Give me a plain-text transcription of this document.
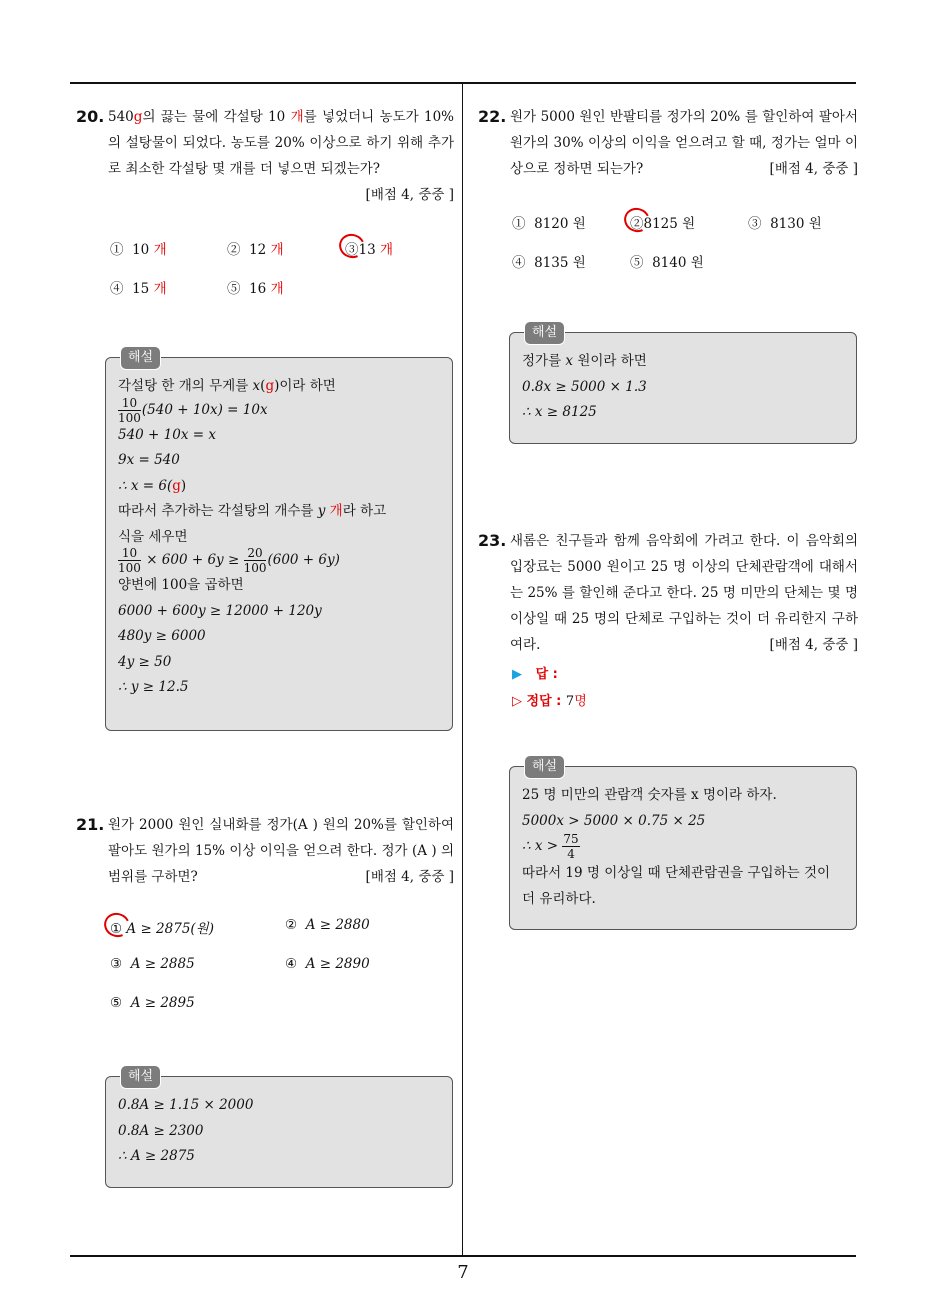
20. 540g의 끓는 물에 각설탕 10 개를 넣었더니 농도가 10%의 설탕물이 되었다. 농도를 20% 이상으로 하기 위해 추가로 최소한 각설탕 몇 개를 더 넣으면 되겠는가?
[배점 4, 중중 ]
① 10 개	② 12 개	③13 개
④ 15 개	⑤ 16 개
해설
각설탕 한 개의 무게를 x(g)이라 하면
$\frac{10}{100} (540 + 10x) = 10x$
540 + 10x = x
9x = 540
∴ x = 6(g)
따라서 추가하는 각설탕의 개수를 y 개라 하고
식을 세우면
$\frac{10}{100} \times 600 + 6y \ge \frac{20}{100} (600 + 6y)$
양변에 100을 곱하면
6000 + 600y ≥ 12000 + 120y
480y ≥ 6000
4y ≥ 50
∴ y ≥ 12.5
21. 원가 2000 원인 실내화를 정가(A ) 원의 20%를 할인하여 팔아도 원가의 15% 이상 이익을 얻으려 한다. 정가 (A ) 의 범위를 구하면?	[배점 4, 중중 ]
① A ≥ 2875(원)	② A ≥ 2880
③ A ≥ 2885	④ A ≥ 2890
⑤ A ≥ 2895
해설
0.8A ≥ 1.15 × 2000
0.8A ≥ 2300
∴ A ≥ 2875
22. 원가 5000 원인 반팔티를 정가의 20% 를 할인하여 팔아서 원가의 30% 이상의 이익을 얻으려고 할 때, 정가는 얼마 이상으로 정하면 되는가?	[배점 4, 중중 ]
① 8120 원	②8125 원	③ 8130 원
④ 8135 원	⑤ 8140 원
해설
정가를 x 원이라 하면
0.8x ≥ 5000 × 1.3
∴ x ≥ 8125
23. 새롬은 친구들과 함께 음악회에 가려고 한다. 이 음악회의 입장료는 5000 원이고 25 명 이상의 단체관람객에 대해서는 25% 를 할인해 준다고 한다. 25 명 미만의 단체는 몇 명 이상일 때 25 명의 단체로 구입하는 것이 더 유리한지 구하여라.	[배점 4, 중중 ]
▶ 답 :
▷ 정답 : 7명
해설
25 명 미만의 관람객 숫자를 x 명이라 하자.
5000x > 5000 × 0.75 × 25
∴ $x > \frac{75}{4}$
따라서 19 명 이상일 때 단체관람권을 구입하는 것이 더 유리하다.
7
